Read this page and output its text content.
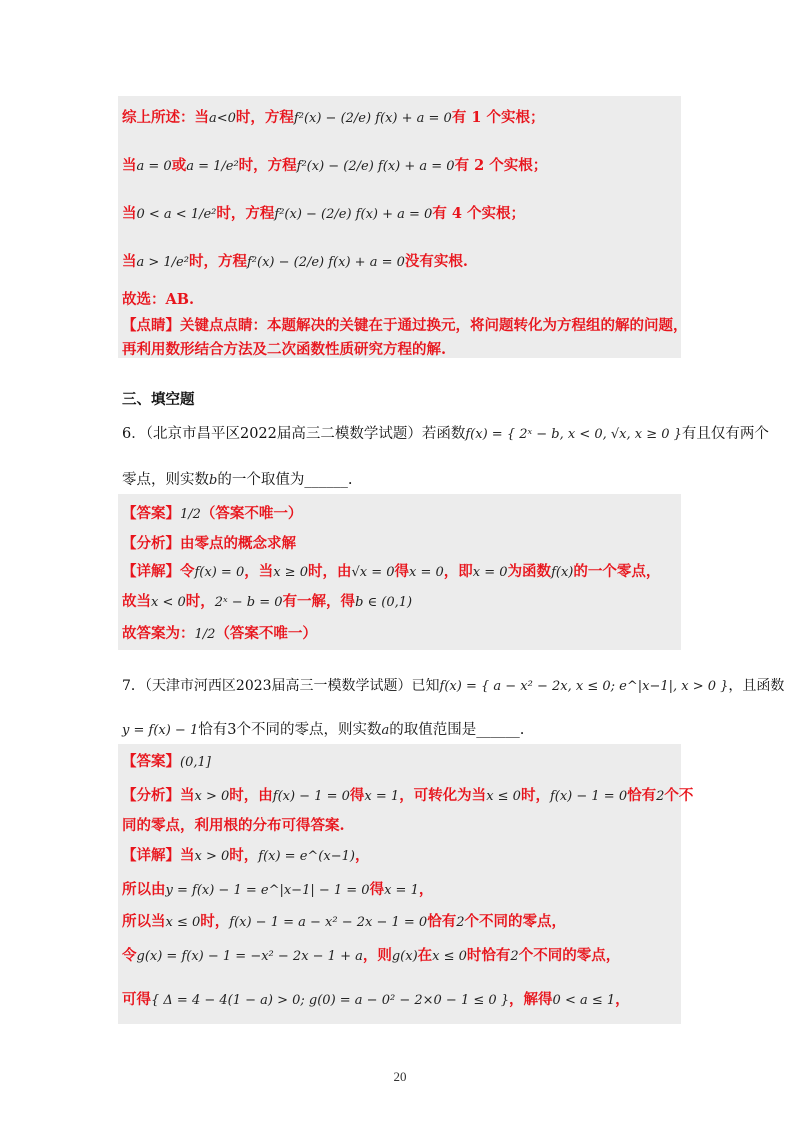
综上所述：当a<0时，方程f²(x) − (2/e) f(x) + a = 0有 1 个实根；
当a = 0或a = 1/e²时，方程f²(x) − (2/e) f(x) + a = 0有 2 个实根；
当0 < a < 1/e²时，方程f²(x) − (2/e) f(x) + a = 0有 4 个实根；
当a > 1/e²时，方程f²(x) − (2/e) f(x) + a = 0没有实根.
故选：AB.
【点睛】关键点点睛：本题解决的关键在于通过换元，将问题转化为方程组的解的问题，
再利用数形结合方法及二次函数性质研究方程的解.
三、填空题
6．（北京市昌平区2022届高三二模数学试题）若函数f(x) = { 2ˣ − b, x < 0, √x, x ≥ 0 }有且仅有两个
零点，则实数b的一个取值为______.
【答案】1/2（答案不唯一）
【分析】由零点的概念求解
【详解】令f(x) = 0，当x ≥ 0时，由√x = 0得x = 0，即x = 0为函数f(x)的一个零点，
故当x < 0时，2ˣ − b = 0有一解，得b ∈ (0,1)
故答案为：1/2（答案不唯一）
7．（天津市河西区2023届高三一模数学试题）已知f(x) = { a − x² − 2x, x ≤ 0; e^|x−1|, x > 0 }，且函数
y = f(x) − 1恰有3个不同的零点，则实数a的取值范围是______.
【答案】(0,1]
【分析】当x > 0时，由f(x) − 1 = 0得x = 1，可转化为当x ≤ 0时，f(x) − 1 = 0恰有2个不
同的零点，利用根的分布可得答案.
【详解】当x > 0时，f(x) = e^(x−1)，
所以由y = f(x) − 1 = e^|x−1| − 1 = 0得x = 1，
所以当x ≤ 0时，f(x) − 1 = a − x² − 2x − 1 = 0恰有2个不同的零点，
令g(x) = f(x) − 1 = −x² − 2x − 1 + a，则g(x)在x ≤ 0时恰有2个不同的零点，
可得{ Δ = 4 − 4(1 − a) > 0; g(0) = a − 0² − 2×0 − 1 ≤ 0 }，解得0 < a ≤ 1，
20
